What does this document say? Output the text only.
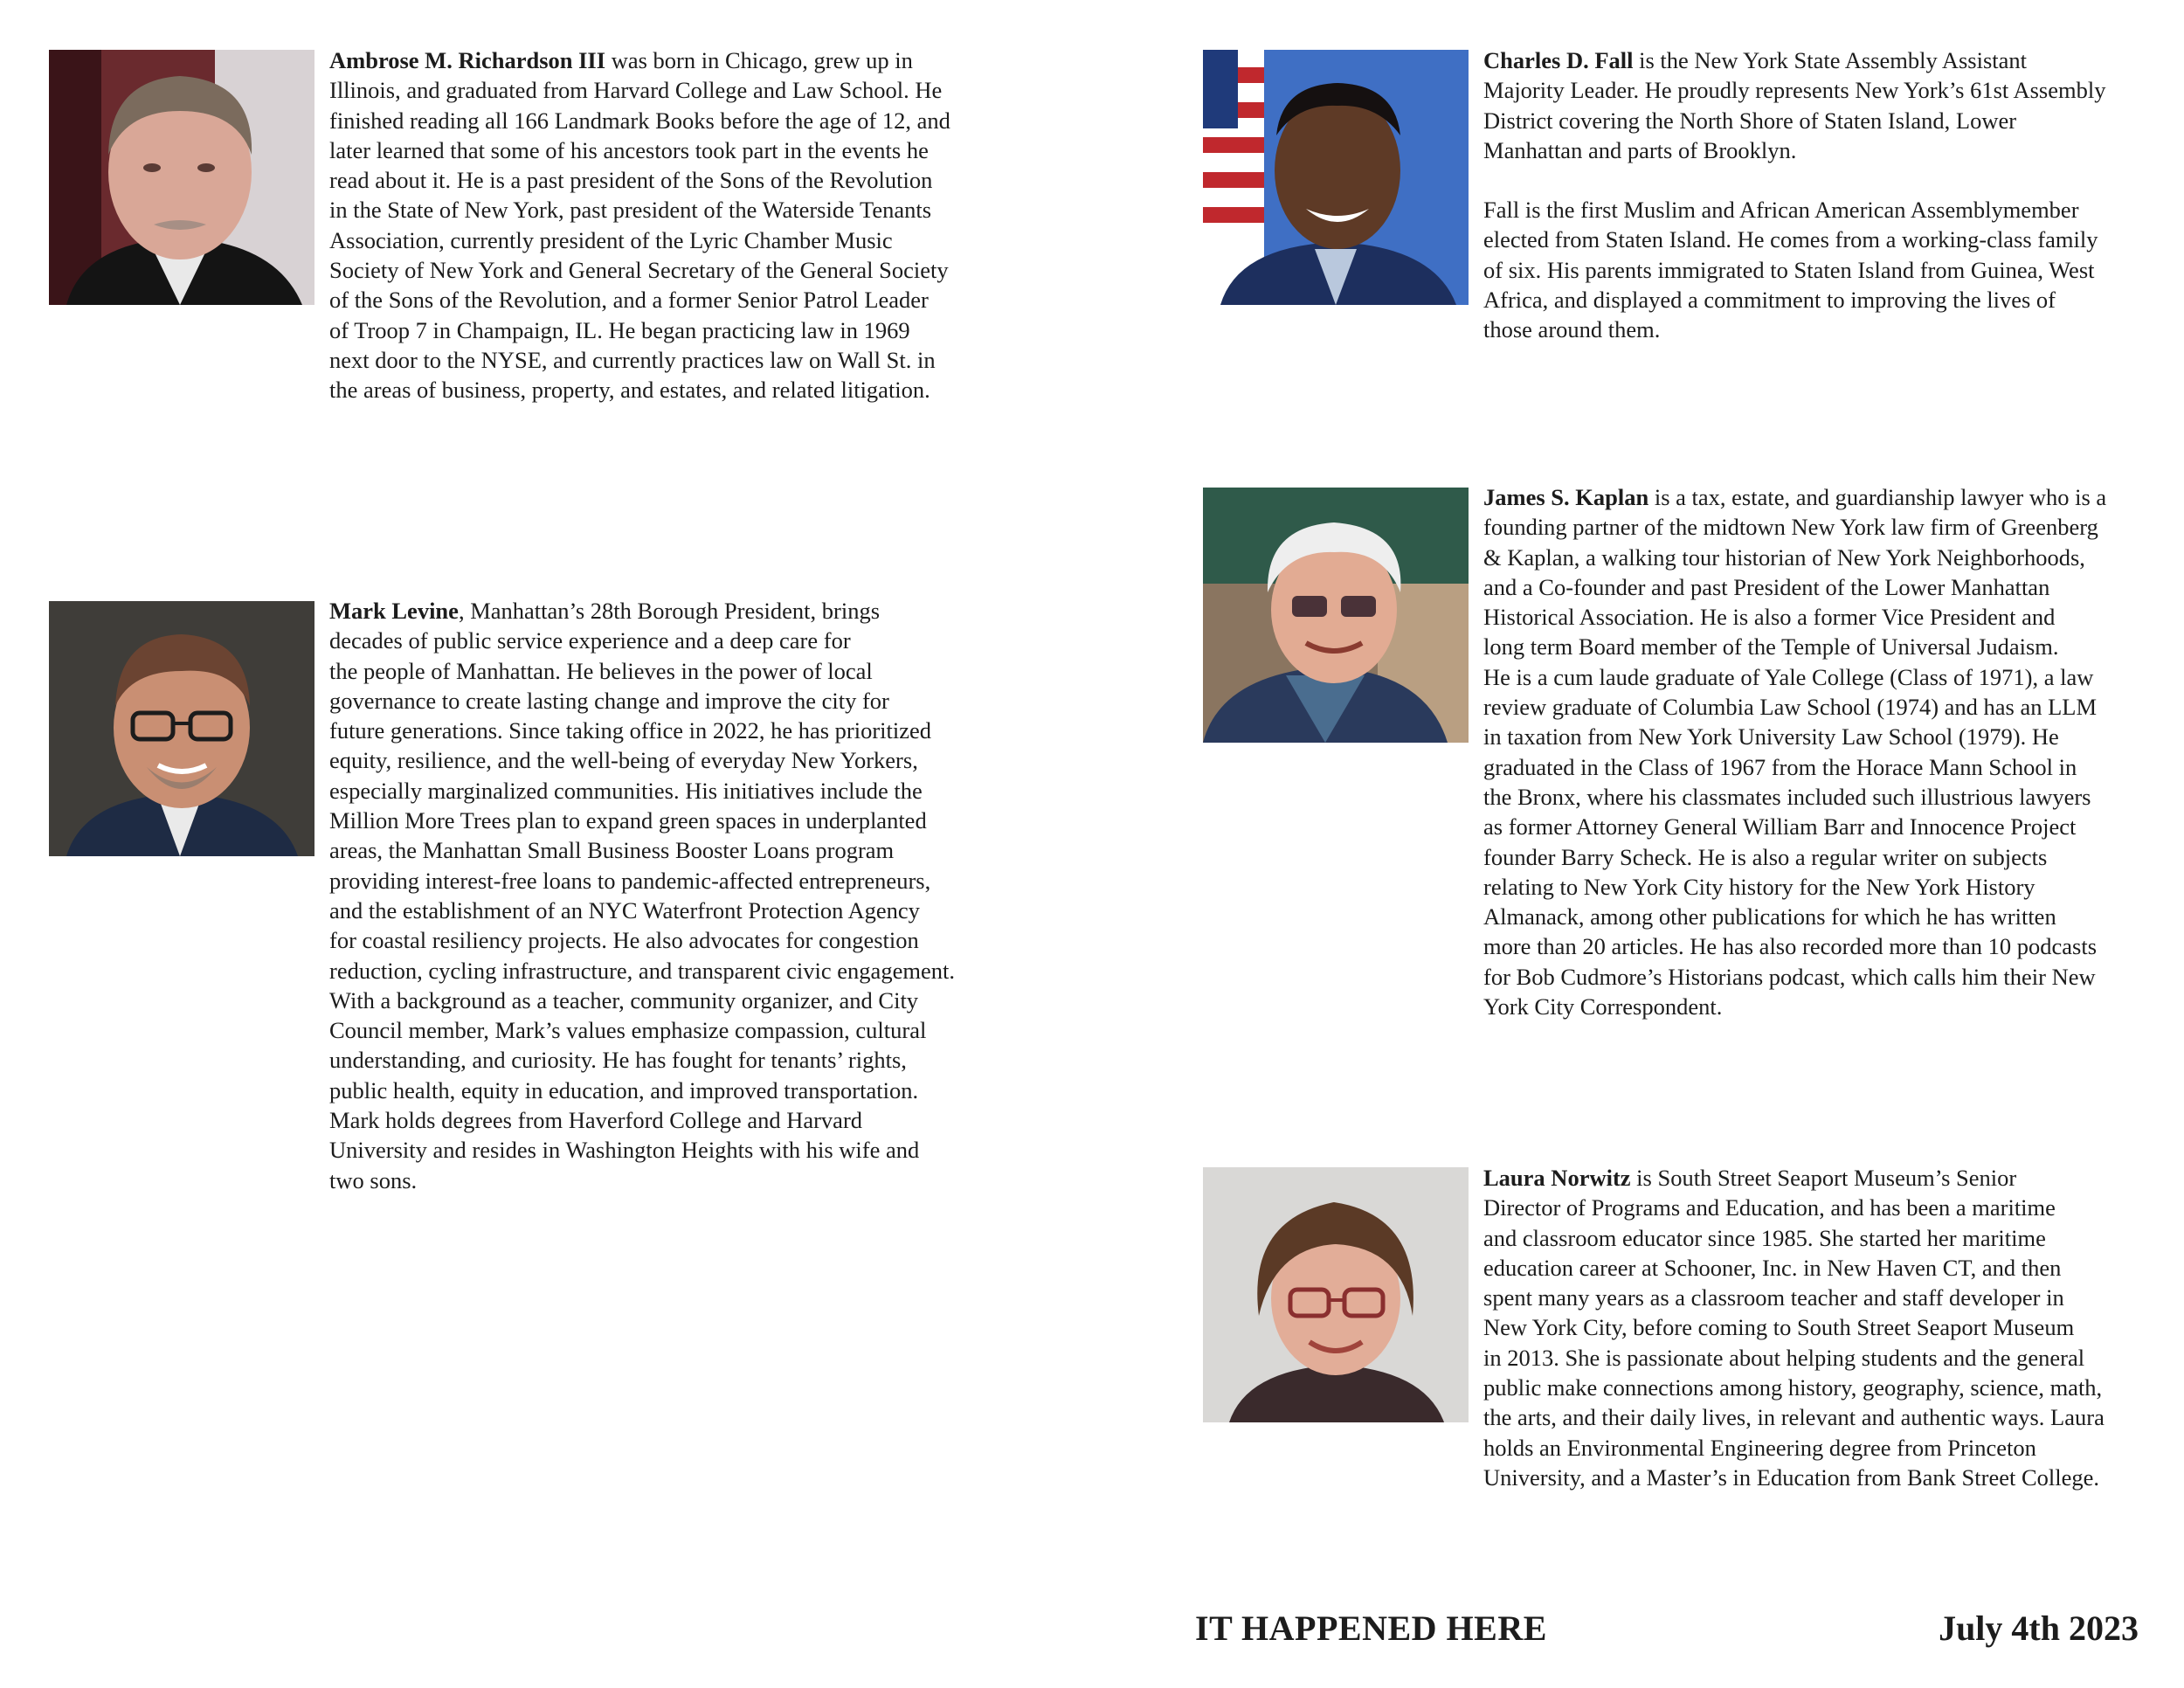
Ambrose M. Richardson III was born in Chicago, grew up in
Illinois, and graduated from Harvard College and Law School. He
finished reading all 166 Landmark Books before the age of 12, and
later learned that some of his ancestors took part in the events he
read about it. He is a past president of the Sons of the Revolution
in the State of New York, past president of the Waterside Tenants
Association, currently president of the Lyric Chamber Music
Society of New York and General Secretary of the General Society
of the Sons of the Revolution, and a former Senior Patrol Leader
of Troop 7 in Champaign, IL. He began practicing law in 1969
next door to the NYSE, and currently practices law on Wall St. in
the areas of business, property, and estates, and related litigation.

Mark Levine, Manhattan’s 28th Borough President, brings
decades of public service experience and a deep care for
the people of Manhattan. He believes in the power of local
governance to create lasting change and improve the city for
future generations. Since taking office in 2022, he has prioritized
equity, resilience, and the well-being of everyday New Yorkers,
especially marginalized communities. His initiatives include the
Million More Trees plan to expand green spaces in underplanted
areas, the Manhattan Small Business Booster Loans program
providing interest-free loans to pandemic-affected entrepreneurs,
and the establishment of an NYC Waterfront Protection Agency
for coastal resiliency projects. He also advocates for congestion
reduction, cycling infrastructure, and transparent civic engagement.
With a background as a teacher, community organizer, and City
Council member, Mark’s values emphasize compassion, cultural
understanding, and curiosity. He has fought for tenants’ rights,
public health, equity in education, and improved transportation.
Mark holds degrees from Haverford College and Harvard
University and resides in Washington Heights with his wife and
two sons.

Charles D. Fall is the New York State Assembly Assistant
Majority Leader. He proudly represents New York’s 61st Assembly
District covering the North Shore of Staten Island, Lower
Manhattan and parts of Brooklyn.
Fall is the first Muslim and African American Assemblymember
elected from Staten Island. He comes from a working-class family
of six. His parents immigrated to Staten Island from Guinea, West
Africa, and displayed a commitment to improving the lives of
those around them.

James S. Kaplan is a tax, estate, and guardianship lawyer who is a
founding partner of the midtown New York law firm of Greenberg
& Kaplan, a walking tour historian of New York Neighborhoods,
and a Co-founder and past President of the Lower Manhattan
Historical Association. He is also a former Vice President and
long term Board member of the Temple of Universal Judaism.
He is a cum laude graduate of Yale College (Class of 1971), a law
review graduate of Columbia Law School (1974) and has an LLM
in taxation from New York University Law School (1979). He
graduated in the Class of 1967 from the Horace Mann School in
the Bronx, where his classmates included such illustrious lawyers
as former Attorney General William Barr and Innocence Project
founder Barry Scheck. He is also a regular writer on subjects
relating to New York City history for the New York History
Almanack, among other publications for which he has written
more than 20 articles. He has also recorded more than 10 podcasts
for Bob Cudmore’s Historians podcast, which calls him their New
York City Correspondent.

Laura Norwitz is South Street Seaport Museum’s Senior
Director of Programs and Education, and has been a maritime
and classroom educator since 1985. She started her maritime
education career at Schooner, Inc. in New Haven CT, and then
spent many years as a classroom teacher and staff developer in
New York City, before coming to South Street Seaport Museum
in 2013. She is passionate about helping students and the general
public make connections among history, geography, science, math,
the arts, and their daily lives, in relevant and authentic ways. Laura
holds an Environmental Engineering degree from Princeton
University, and a Master’s in Education from Bank Street College.

IT HAPPENED HERE	July 4th 2023
